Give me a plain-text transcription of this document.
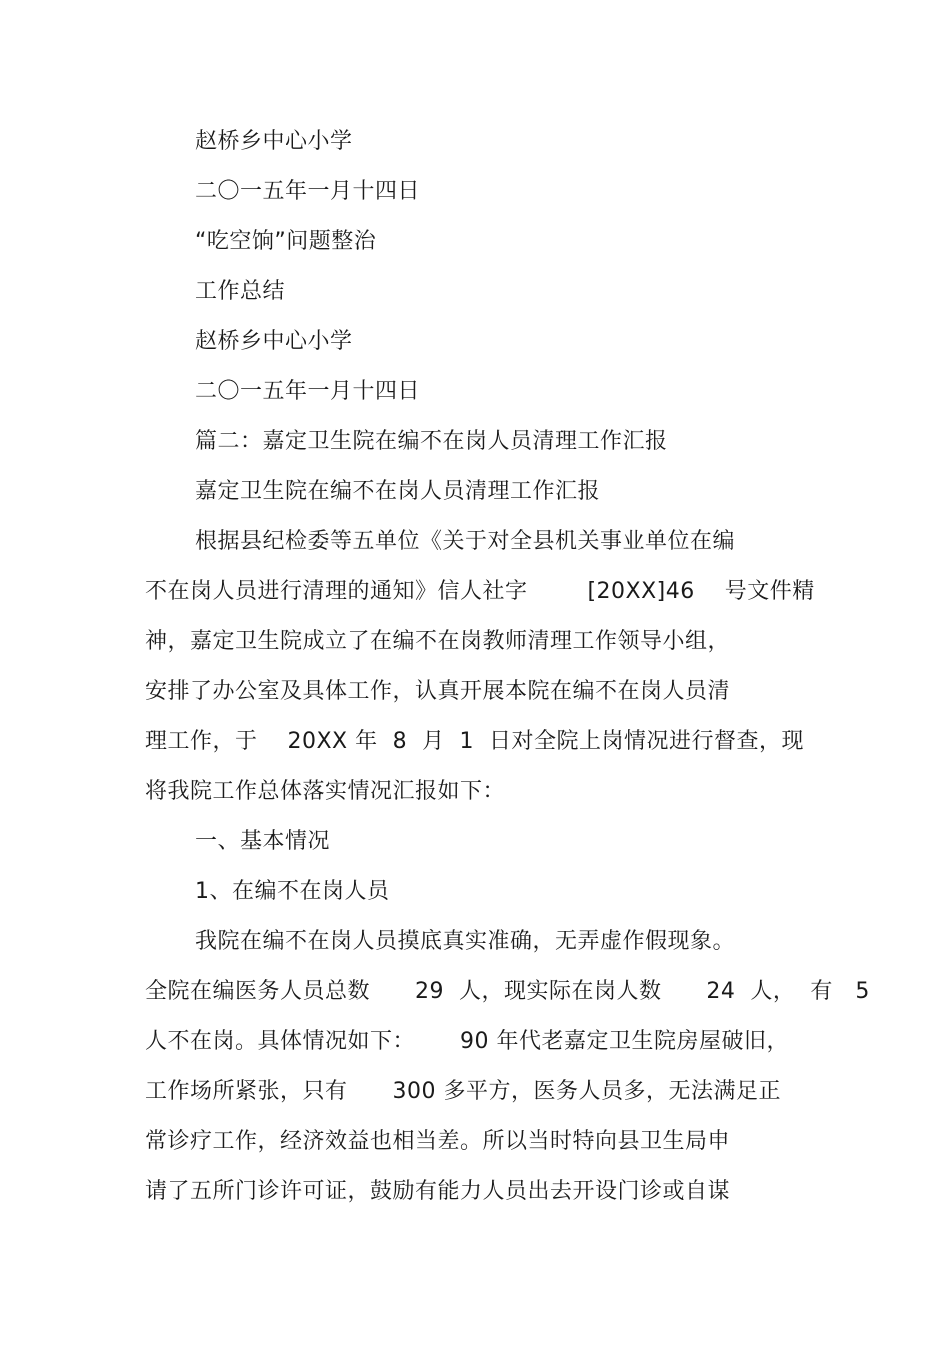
赵桥乡中心小学
二〇一五年一月十四日
“吃空饷”问题整治
工作总结
赵桥乡中心小学
二〇一五年一月十四日
篇二：嘉定卫生院在编不在岗人员清理工作汇报
嘉定卫生院在编不在岗人员清理工作汇报
根据县纪检委等五单位《关于对全县机关事业单位在编
不在岗人员进行清理的通知》信人社字        [20XX]46    号文件精
神，嘉定卫生院成立了在编不在岗教师清理工作领导小组，
安排了办公室及具体工作，认真开展本院在编不在岗人员清
理工作，于    20XX 年  8  月  1  日对全院上岗情况进行督查，现
将我院工作总体落实情况汇报如下：
一、基本情况
1、在编不在岗人员
我院在编不在岗人员摸底真实准确，无弄虚作假现象。
全院在编医务人员总数      29  人，现实际在岗人数      24  人，  有   5
人不在岗。具体情况如下：      90 年代老嘉定卫生院房屋破旧，
工作场所紧张，只有      300 多平方，医务人员多，无法满足正
常诊疗工作，经济效益也相当差。所以当时特向县卫生局申
请了五所门诊许可证，鼓励有能力人员出去开设门诊或自谋
